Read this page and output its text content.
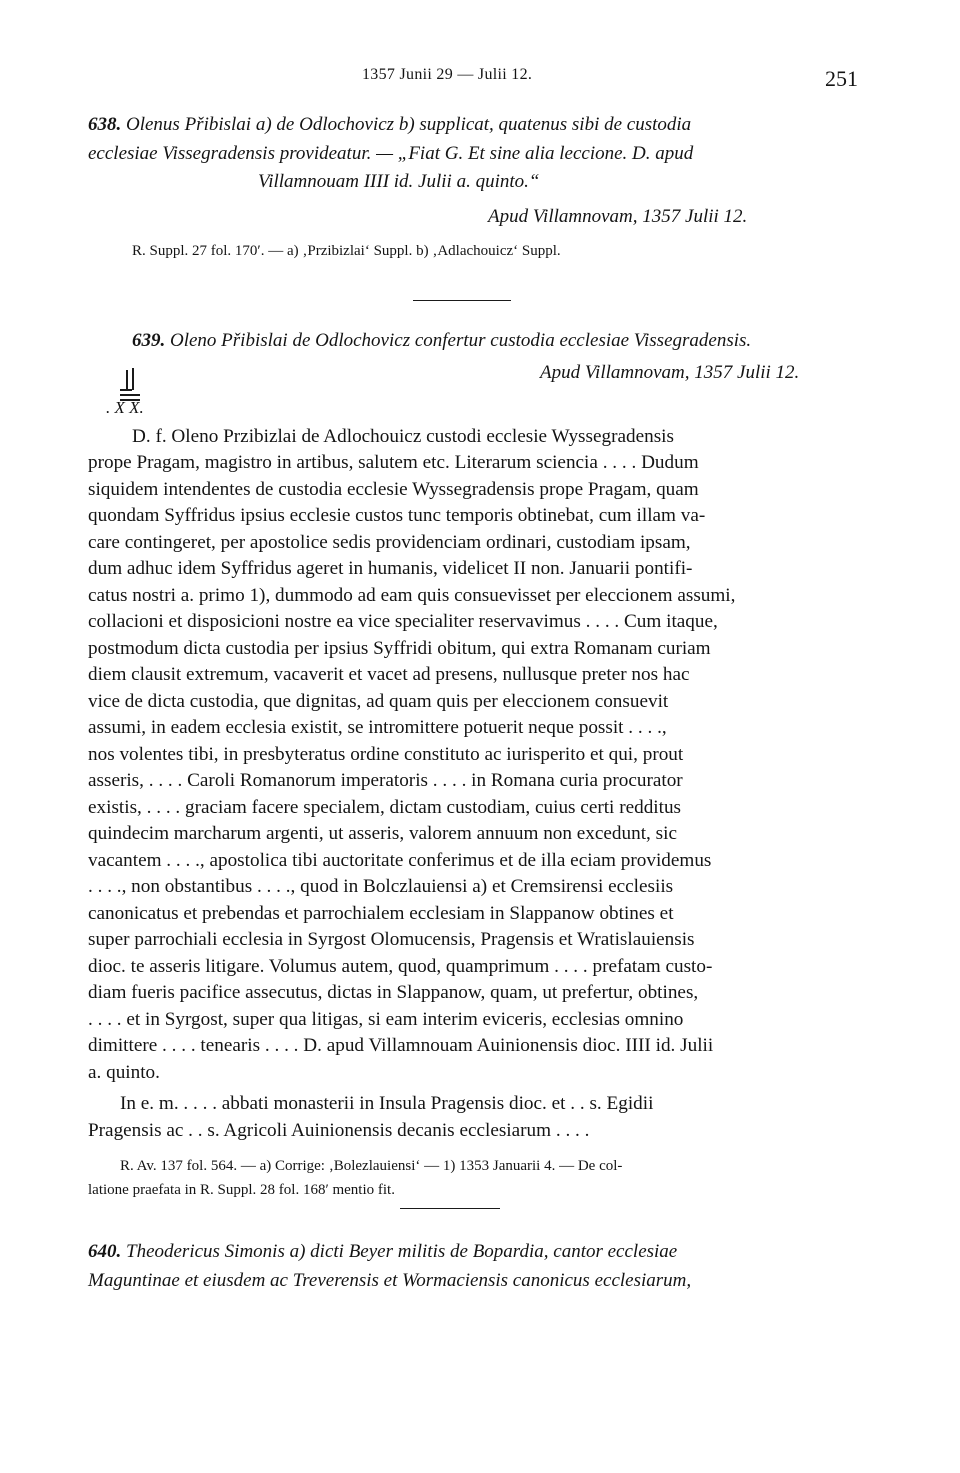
1357 Junii 29 — Julii 12.	251
638. Olenus Přibislai a) de Odlochovicz b) supplicat, quatenus sibi de custodia
ecclesiae Vissegradensis provideatur. — „Fiat G. Et sine alia leccione. D. apud
Villamnouam IIII id. Julii a. quinto.“
Apud Villamnovam, 1357 Julii 12.
R. Suppl. 27 fol. 170′. — a) ‚Przibizlai‘ Suppl. b) ‚Adlachouicz‘ Suppl.
639. Oleno Přibislai de Odlochovicz confertur custodia ecclesiae Vissegradensis.
. X X.
Apud Villamnovam, 1357 Julii 12.
D. f. Oleno Przibizlai de Adlochouicz custodi ecclesie Wyssegradensis
prope Pragam, magistro in artibus, salutem etc. Literarum sciencia . . . . Dudum
siquidem intendentes de custodia ecclesie Wyssegradensis prope Pragam, quam
quondam Syffridus ipsius ecclesie custos tunc temporis obtinebat, cum illam va-
care contingeret, per apostolice sedis providenciam ordinari, custodiam ipsam,
dum adhuc idem Syffridus ageret in humanis, videlicet II non. Januarii pontifi-
catus nostri a. primo 1), dummodo ad eam quis consuevisset per eleccionem assumi,
collacioni et disposicioni nostre ea vice specialiter reservavimus . . . . Cum itaque,
postmodum dicta custodia per ipsius Syffridi obitum, qui extra Romanam curiam
diem clausit extremum, vacaverit et vacet ad presens, nullusque preter nos hac
vice de dicta custodia, que dignitas, ad quam quis per eleccionem consuevit
assumi, in eadem ecclesia existit, se intromittere potuerit neque possit . . . .,
nos volentes tibi, in presbyteratus ordine constituto ac iurisperito et qui, prout
asseris, . . . . Caroli Romanorum imperatoris . . . . in Romana curia procurator
existis, . . . . graciam facere specialem, dictam custodiam, cuius certi redditus
quindecim marcharum argenti, ut asseris, valorem annuum non excedunt, sic
vacantem . . . ., apostolica tibi auctoritate conferimus et de illa eciam providemus
. . . ., non obstantibus . . . ., quod in Bolczlauiensi a) et Cremsirensi ecclesiis
canonicatus et prebendas et parrochialem ecclesiam in Slappanow obtines et
super parrochiali ecclesia in Syrgost Olomucensis, Pragensis et Wratislauiensis
dioc. te asseris litigare. Volumus autem, quod, quamprimum . . . . prefatam custo-
diam fueris pacifice assecutus, dictas in Slappanow, quam, ut prefertur, obtines,
. . . . et in Syrgost, super qua litigas, si eam interim eviceris, ecclesias omnino
dimittere . . . . tenearis . . . . D. apud Villamnouam Auinionensis dioc. IIII id. Julii
a. quinto.
In e. m. . . . . abbati monasterii in Insula Pragensis dioc. et . . s. Egidii
Pragensis ac . . s. Agricoli Auinionensis decanis ecclesiarum . . . .
R. Av. 137 fol. 564. — a) Corrige: ‚Bolezlauiensi‘ — 1) 1353 Januarii 4. — De col-
latione praefata in R. Suppl. 28 fol. 168′ mentio fit.
640. Theodericus Simonis a) dicti Beyer militis de Bopardia, cantor ecclesiae
Maguntinae et eiusdem ac Treverensis et Wormaciensis canonicus ecclesiarum,
